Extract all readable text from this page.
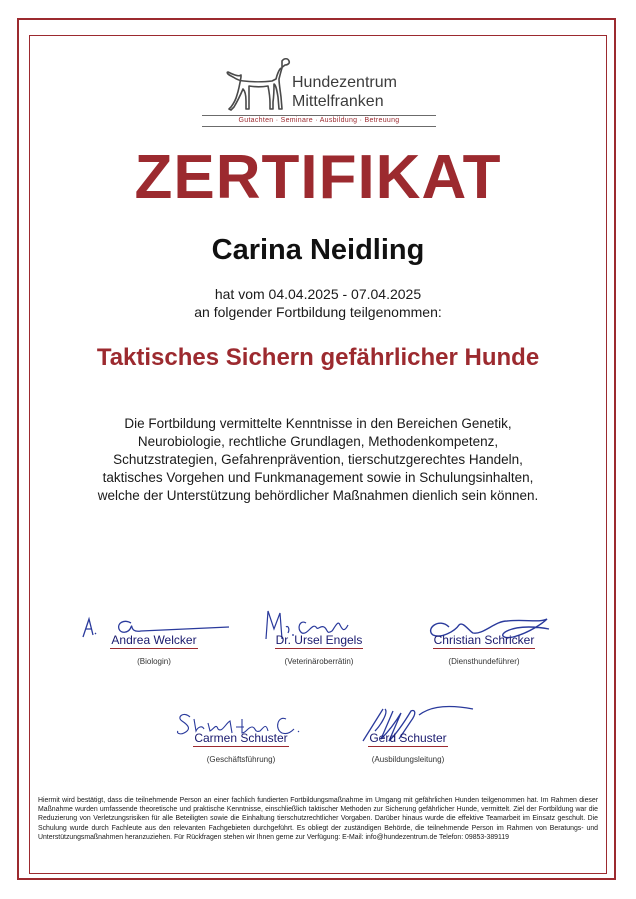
Hundezentrum
Mittelfranken
Gutachten · Seminare · Ausbildung · Betreuung
ZERTIFIKAT
Carina Neidling
hat vom 04.04.2025 - 07.04.2025
an folgender Fortbildung teilgenommen:
Taktisches Sichern gefährlicher Hunde
Die Fortbildung vermittelte Kenntnisse in den Bereichen Genetik, Neurobiologie, rechtliche Grundlagen, Methodenkompetenz, Schutzstrategien, Gefahrenprävention, tierschutzgerechtes Handeln, taktisches Vorgehen und Funkmanagement sowie in Schulungsinhalten, welche der Unterstützung behördlicher Maßnahmen dienlich sein können.
Andrea Welcker
(Biologin)
Dr. Ursel Engels
(Veterinäroberrätin)
Christian Schricker
(Diensthundeführer)
Carmen Schuster
(Geschäftsführung)
Gerd Schuster
(Ausbildungsleitung)
Hiermit wird bestätigt, dass die teilnehmende Person an einer fachlich fundierten Fortbildungsmaßnahme im Umgang mit gefährlichen Hunden teilgenommen hat. Im Rahmen dieser Maßnahme wurden umfassende theoretische und praktische Kenntnisse, einschließlich taktischer Methoden zur Sicherung gefährlicher Hunde, vermittelt. Ziel der Fortbildung war die Reduzierung von Verletzungsrisiken für alle Beteiligten sowie die Einhaltung tierschutzrechtlicher Vorgaben. Darüber hinaus wurde die effektive Teamarbeit im Einsatz geschult. Die Schulung wurde durch Fachleute aus den relevanten Fachgebieten durchgeführt. Es obliegt der zuständigen Behörde, die teilnehmende Person im Rahmen von Beratungs- und Unterstützungsmaßnahmen heranzuziehen. Für Rückfragen stehen wir Ihnen gerne zur Verfügung: E-Mail: info@hundezentrum.de Telefon: 09853-389119
